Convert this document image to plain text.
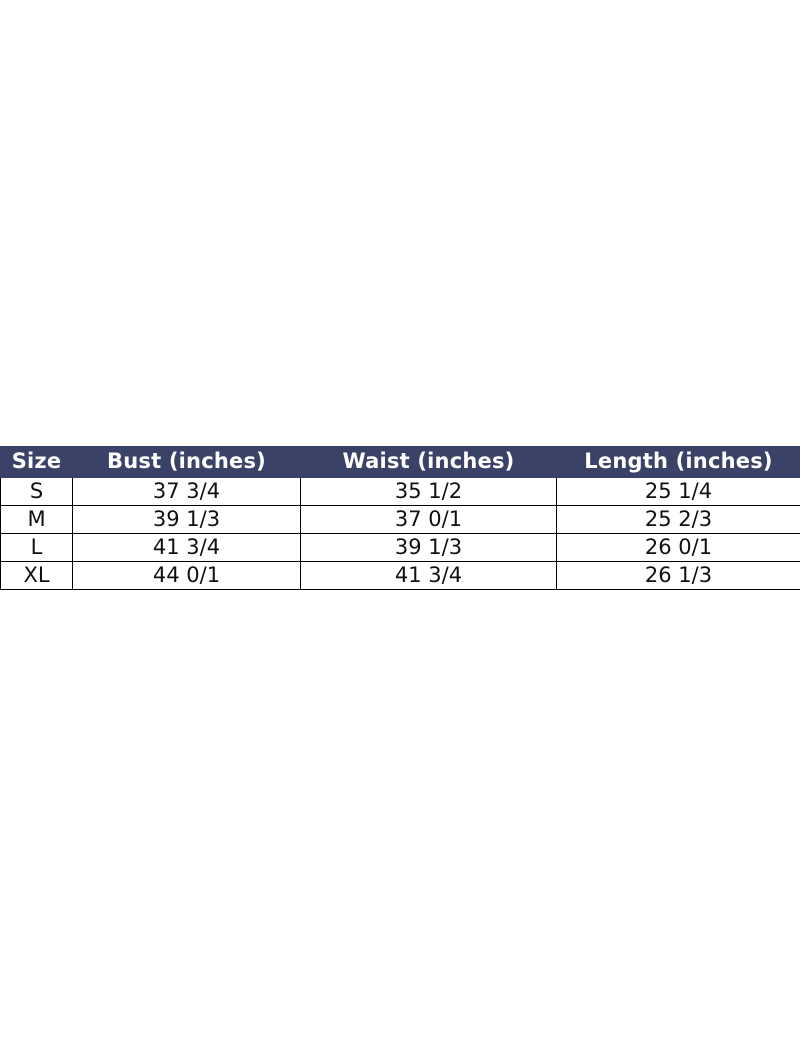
Size	Bust (inches)	Waist (inches)	Length (inches)
S	37 3/4	35 1/2	25 1/4
M	39 1/3	37 0/1	25 2/3
L	41 3/4	39 1/3	26 0/1
XL	44 0/1	41 3/4	26 1/3
